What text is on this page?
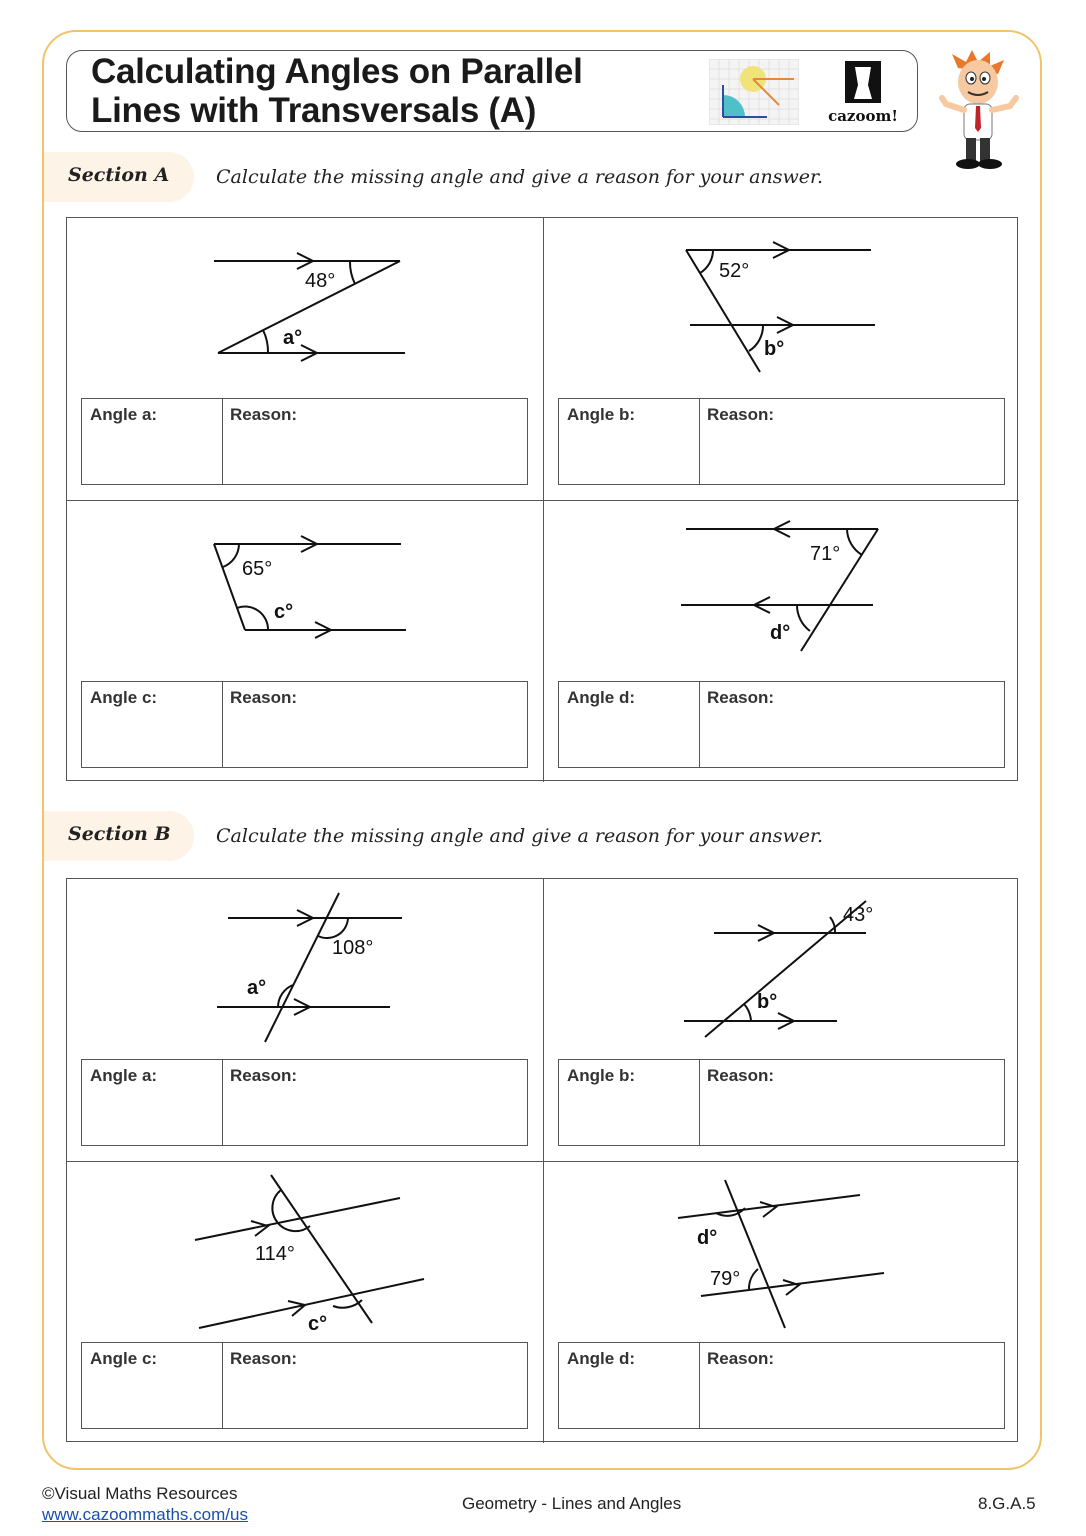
Calculating Angles on Parallel
Lines with Transversals (A)	cazoom!
Section A Calculate the missing angle and give a reason for your answer.
48°
a°
Angle a:	Reason:
52°
b°
Angle b:	Reason:
65°
c°
Angle c:	Reason:
71°
d°
Angle d:	Reason:
Section B Calculate the missing angle and give a reason for your answer.
108°
a°
Angle a:	Reason:
43°
b°
Angle b:	Reason:
114°
c°
Angle c:	Reason:
d°
79°
Angle d:	Reason:
©Visual Maths Resources
www.cazoommaths.com/us
Geometry - Lines and Angles	8.G.A.5
